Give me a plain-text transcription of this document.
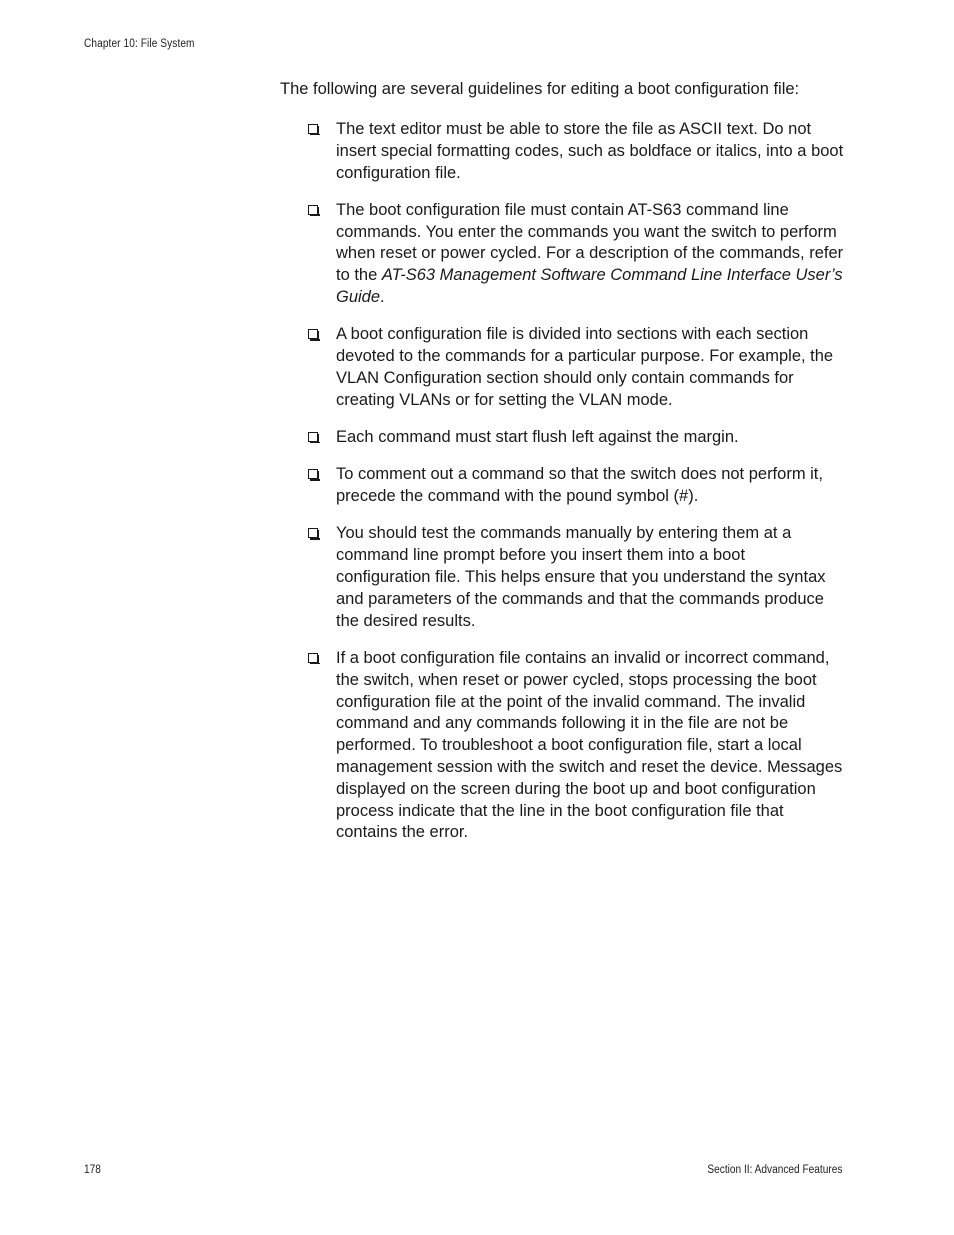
Chapter 10: File System
The following are several guidelines for editing a boot configuration file:
The text editor must be able to store the file as ASCII text. Do not insert special formatting codes, such as boldface or italics, into a boot configuration file.
The boot configuration file must contain AT-S63 command line commands. You enter the commands you want the switch to perform when reset or power cycled. For a description of the commands, refer to the AT-S63 Management Software Command Line Interface User’s Guide.
A boot configuration file is divided into sections with each section devoted to the commands for a particular purpose. For example, the VLAN Configuration section should only contain commands for creating VLANs or for setting the VLAN mode.
Each command must start flush left against the margin.
To comment out a command so that the switch does not perform it, precede the command with the pound symbol (#).
You should test the commands manually by entering them at a command line prompt before you insert them into a boot configuration file. This helps ensure that you understand the syntax and parameters of the commands and that the commands produce the desired results.
If a boot configuration file contains an invalid or incorrect command, the switch, when reset or power cycled, stops processing the boot configuration file at the point of the invalid command. The invalid command and any commands following it in the file are not be performed. To troubleshoot a boot configuration file, start a local management session with the switch and reset the device. Messages displayed on the screen during the boot up and boot configuration process indicate that the line in the boot configuration file that contains the error.
178	Section II: Advanced Features
